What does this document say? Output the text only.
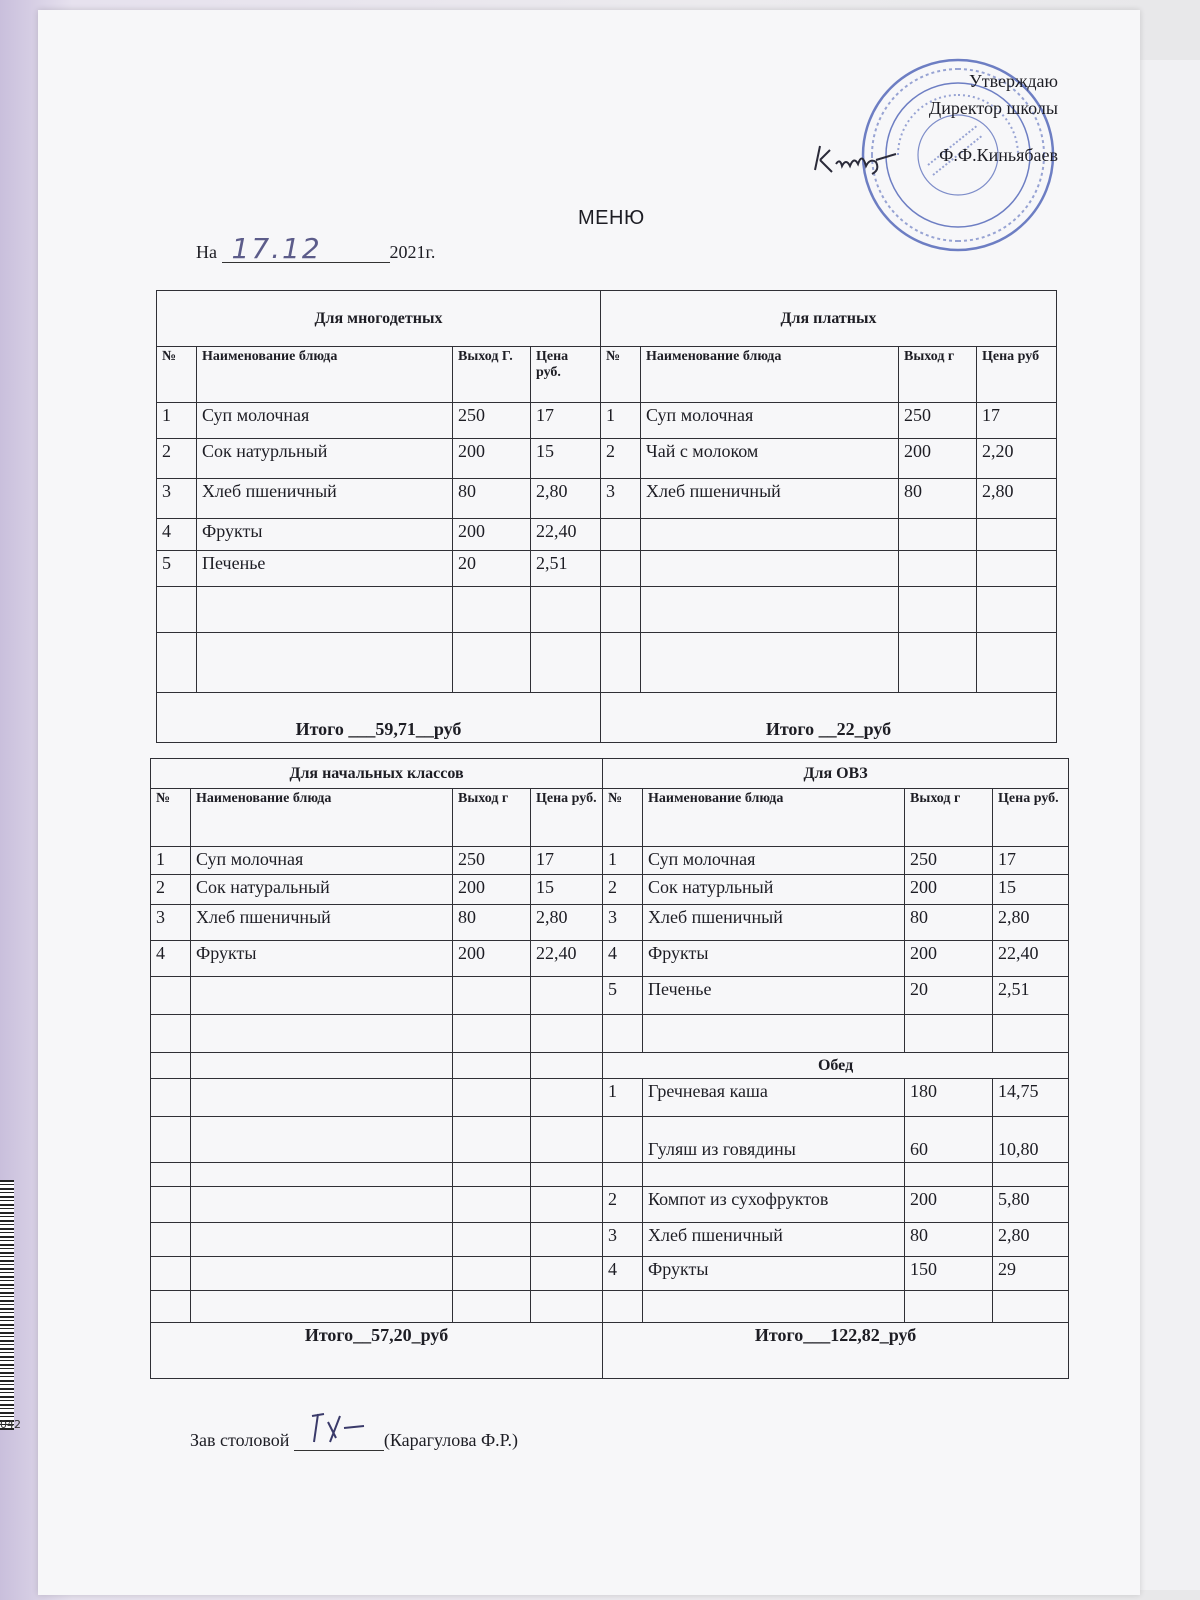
042
Утверждаю
Директор школы
Ф.Ф.Киньябаев
МЕНЮ
На 17.12	2021г.
Для многодетных				Для платных			
№	Наименование блюда	Выход Г.	Цена руб.	№	Наименование блюда	Выход г	Цена руб
1	Суп молочная	250	17	1	Суп молочная	250	17
2	Сок натурльный	200	15	2	Чай с молоком	200	2,20
3	Хлеб пшеничный	80	2,80	3	Хлеб пшеничный	80	2,80
4	Фрукты	200	22,40				
5	Печенье	20	2,51				

Итого ___59,71__руб				Итого __22_руб			
Для начальных классов				Для ОВЗ			
№	Наименование блюда	Выход г	Цена руб.	№	Наименование блюда	Выход г	Цена руб.
1	Суп молочная	250	17	1	Суп молочная	250	17
2	Сок натуральный	200	15	2	Сок натурльный	200	15
3	Хлеб пшеничный	80	2,80	3	Хлеб пшеничный	80	2,80
4	Фрукты	200	22,40	4	Фрукты	200	22,40
				5	Печенье	20	2,51

				Обед			
				1	Гречневая каша	180	14,75
					Гуляш из говядины	60	10,80

				2	Компот из сухофруктов	200	5,80
				3	Хлеб пшеничный	80	2,80
				4	Фрукты	150	29

Итого__57,20_руб				Итого___122,82_руб			
Зав столовой	(Карагулова Ф.Р.)
